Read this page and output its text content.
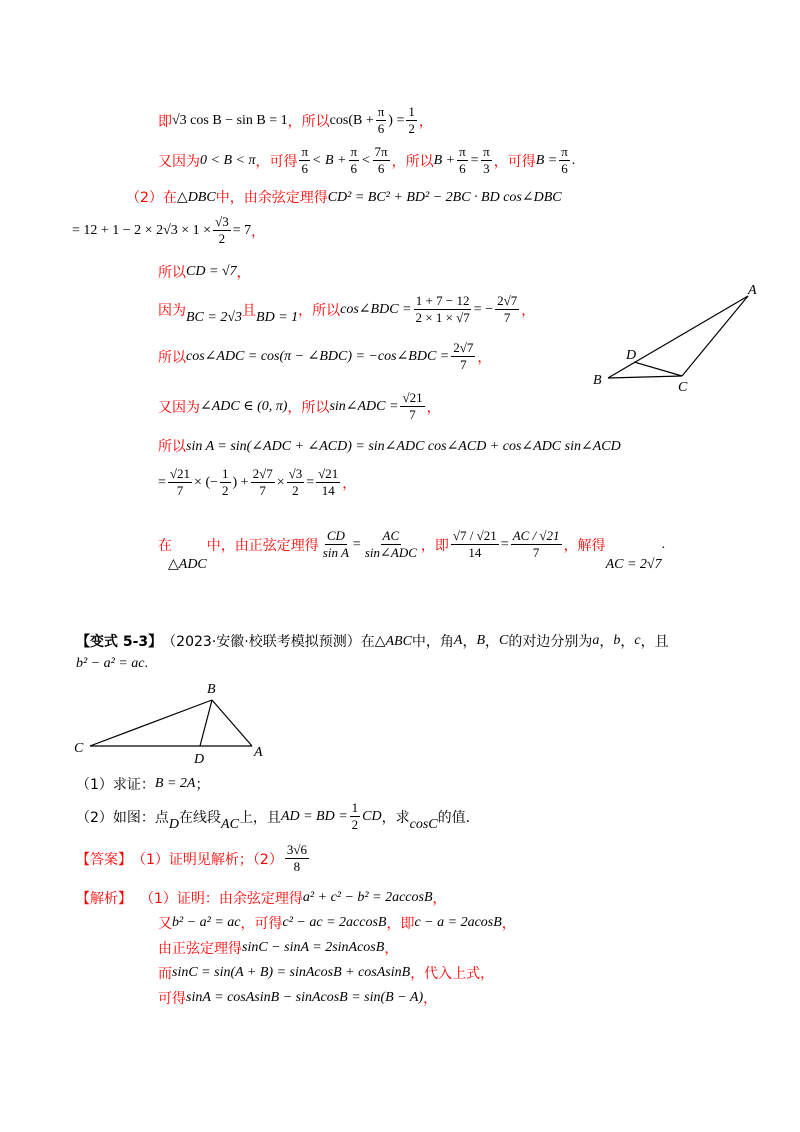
即 √3 cos B − sin B = 1 ，所以 $\cos(B + \frac{\pi}{6}$ ) = $\frac{1}{2}$ ，
又因为 0 < B < π ，可得 $\frac{\pi}{6} < B + \frac{\pi}{6} < \frac{7\pi}{6}$ ，所以 $B + \frac{\pi}{6} = \frac{\pi}{3}$ ，可得 $B = \frac{\pi}{6}$ .
（2）在 △DBC 中，由余弦定理得 CD² = BC² + BD² − 2BC · BD cos∠DBC
= $12 + 1 - 2 \times 2√3 \times 1 \times \frac{√3}{2} = 7$ ，
所以 CD = √7 ，
因为 BC = 2√3 且 BD = 1 ，所以 cos∠BDC = $\frac{1 + 7 - 12}{2 \times 1 \times √7}$ = − $\frac{2√7}{7}$ ，
所以 cos∠ADC = cos(π − ∠BDC) = −cos∠BDC = $\frac{2√7}{7}$ ，
又因为 ∠ADC ∈ (0, π) ，所以 sin∠ADC = $\frac{√21}{7}$ ，
所以 sin A = sin(∠ADC + ∠ACD) = sin∠ADC cos∠ACD + cos∠ADC sin∠ACD
= $\frac{√21}{7}$ × (− $\frac{1}{2}$ ) + $\frac{2√7}{7} \times \frac{√3}{2} = \frac{√21}{14}$ ，
在
△ADC
中，由正弦定理得 $\frac{CD}{\text{sin A}} = \frac{AC}{\text{sin∠ADC}}$ ，即 $\frac{√7 / √21}{14} = \frac{AC / √21}{7}$ ，解得
AC = 2√7
.
A
B	C
D
【变式 5-3】 （2023·安徽·校联考模拟预测）在 △ABC 中，角 A ， B ， C 的对边分别为 a ， b ， c ，且
b² − a² = ac .
B
C
D	A
（1）求证： B = 2A ；
（2）如图：点 D 在线段 AC 上，且 AD = BD = $\frac{1}{2}$ CD ，求 cosC 的值.
【答案】 （1）证明见解析；$(2) \frac{3√6}{8}$
【解析】 （1）证明：由余弦定理得 a² + c² − b² = 2accosB ，
又 b² − a² = ac ，可得 c² − ac = 2accosB ，即 c − a = 2acosB ，
由正弦定理得 sinC − sinA = 2sinAcosB ，
而 sinC = sin(A + B) = sinAcosB + cosAsinB ，代入上式，
可得 sinA = cosAsinB − sinAcosB = sin(B − A) ，
